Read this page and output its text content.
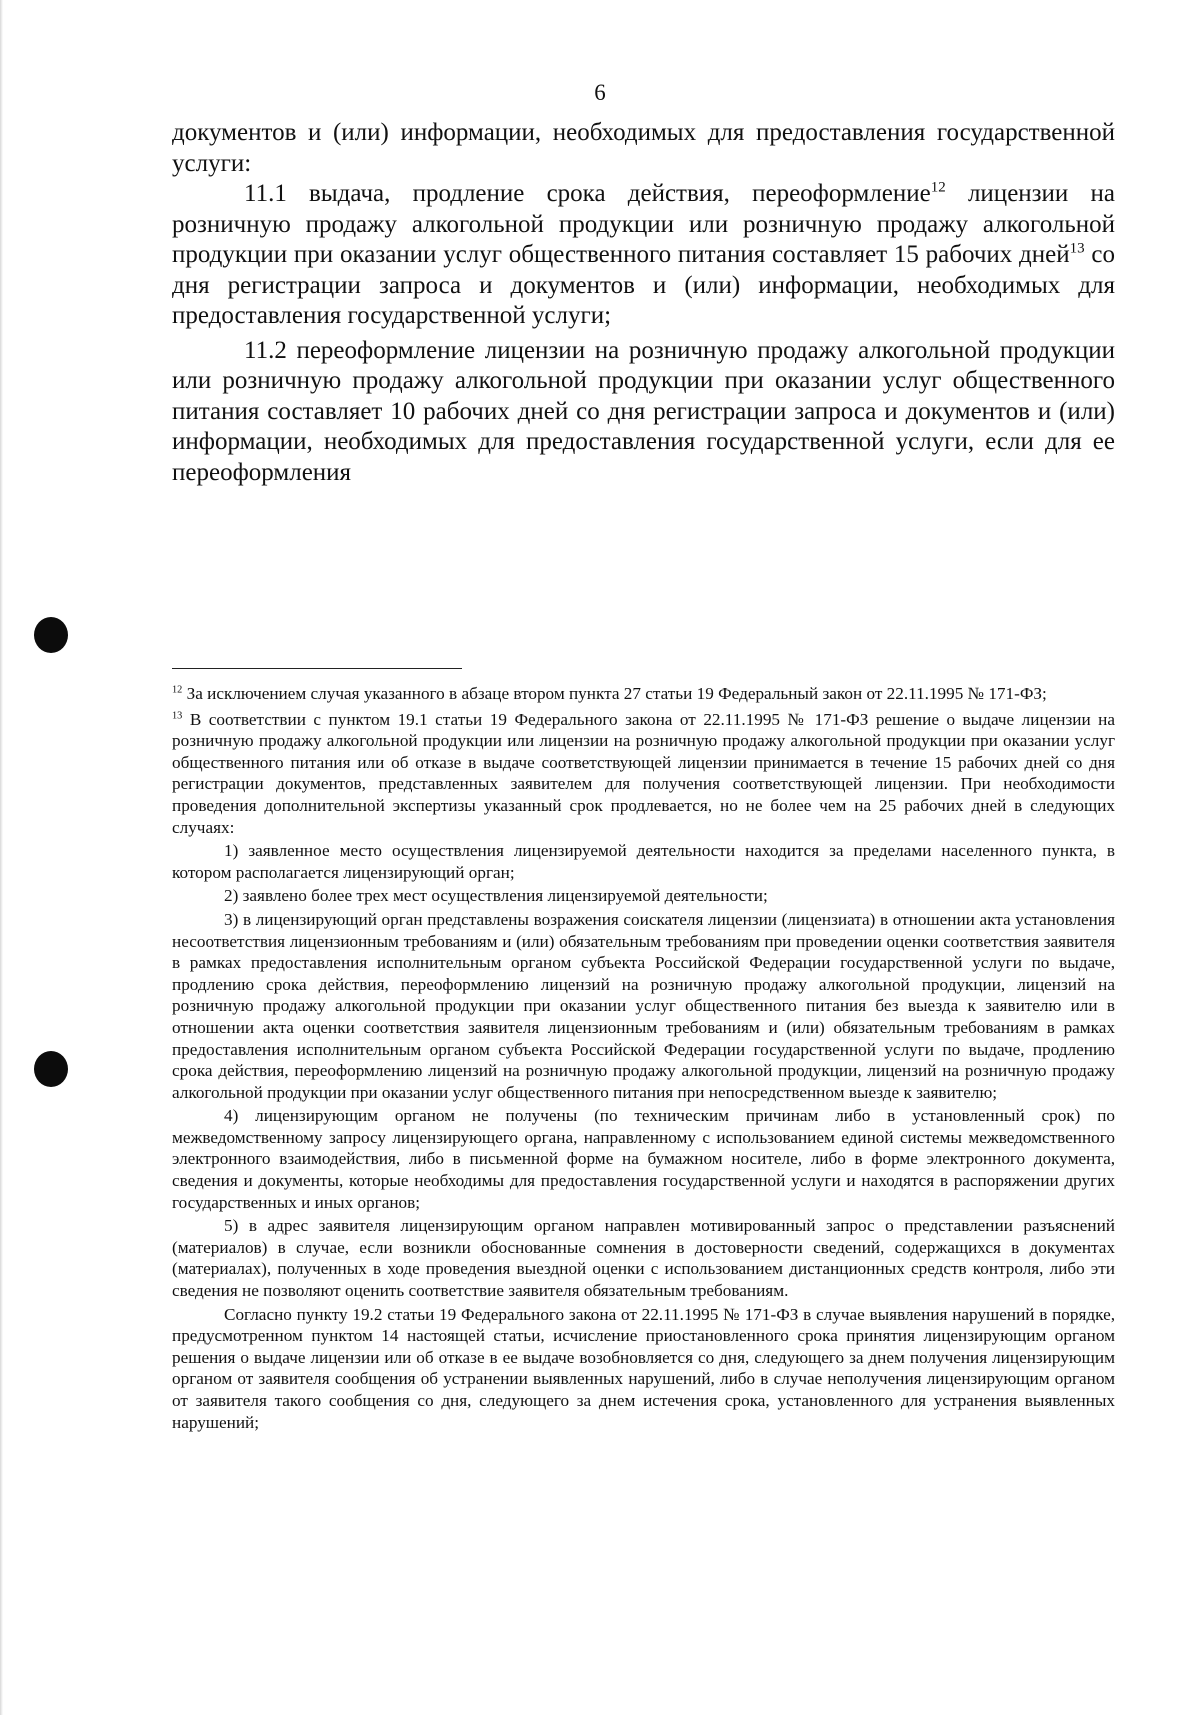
6

документов и (или) информации, необходимых для предоставления государственной услуги:

11.1 выдача, продление срока действия, переоформление$^{12}$ лицензии на розничную продажу алкогольной продукции или розничную продажу алкогольной продукции при оказании услуг общественного питания составляет 15 рабочих дней$^{13}$ со дня регистрации запроса и документов и (или) информации, необходимых для предоставления государственной услуги;

11.2 переоформление лицензии на розничную продажу алкогольной продукции или розничную продажу алкогольной продукции при оказании услуг общественного питания составляет 10 рабочих дней со дня регистрации запроса и документов и (или) информации, необходимых для предоставления государственной услуги, если для ее переоформления

$^{12}$ За исключением случая указанного в абзаце втором пункта 27 статьи 19 Федеральный закон от 22.11.1995 № 171-ФЗ;

$^{13}$ В соответствии с пунктом 19.1 статьи 19 Федерального закона от 22.11.1995 № 171-ФЗ решение о выдаче лицензии на розничную продажу алкогольной продукции или лицензии на розничную продажу алкогольной продукции при оказании услуг общественного питания или об отказе в выдаче соответствующей лицензии принимается в течение 15 рабочих дней со дня регистрации документов, представленных заявителем для получения соответствующей лицензии. При необходимости проведения дополнительной экспертизы указанный срок продлевается, но не более чем на 25 рабочих дней в следующих случаях:

1) заявленное место осуществления лицензируемой деятельности находится за пределами населенного пункта, в котором располагается лицензирующий орган;

2) заявлено более трех мест осуществления лицензируемой деятельности;

3) в лицензирующий орган представлены возражения соискателя лицензии (лицензиата) в отношении акта установления несоответствия лицензионным требованиям и (или) обязательным требованиям при проведении оценки соответствия заявителя в рамках предоставления исполнительным органом субъекта Российской Федерации государственной услуги по выдаче, продлению срока действия, переоформлению лицензий на розничную продажу алкогольной продукции, лицензий на розничную продажу алкогольной продукции при оказании услуг общественного питания без выезда к заявителю или в отношении акта оценки соответствия заявителя лицензионным требованиям и (или) обязательным требованиям в рамках предоставления исполнительным органом субъекта Российской Федерации государственной услуги по выдаче, продлению срока действия, переоформлению лицензий на розничную продажу алкогольной продукции, лицензий на розничную продажу алкогольной продукции при оказании услуг общественного питания при непосредственном выезде к заявителю;

4) лицензирующим органом не получены (по техническим причинам либо в установленный срок) по межведомственному запросу лицензирующего органа, направленному с использованием единой системы межведомственного электронного взаимодействия, либо в письменной форме на бумажном носителе, либо в форме электронного документа, сведения и документы, которые необходимы для предоставления государственной услуги и находятся в распоряжении других государственных и иных органов;

5) в адрес заявителя лицензирующим органом направлен мотивированный запрос о представлении разъяснений (материалов) в случае, если возникли обоснованные сомнения в достоверности сведений, содержащихся в документах (материалах), полученных в ходе проведения выездной оценки с использованием дистанционных средств контроля, либо эти сведения не позволяют оценить соответствие заявителя обязательным требованиям.

Согласно пункту 19.2 статьи 19 Федерального закона от 22.11.1995 № 171-ФЗ в случае выявления нарушений в порядке, предусмотренном пунктом 14 настоящей статьи, исчисление приостановленного срока принятия лицензирующим органом решения о выдаче лицензии или об отказе в ее выдаче возобновляется со дня, следующего за днем получения лицензирующим органом от заявителя сообщения об устранении выявленных нарушений, либо в случае неполучения лицензирующим органом от заявителя такого сообщения со дня, следующего за днем истечения срока, установленного для устранения выявленных нарушений;
